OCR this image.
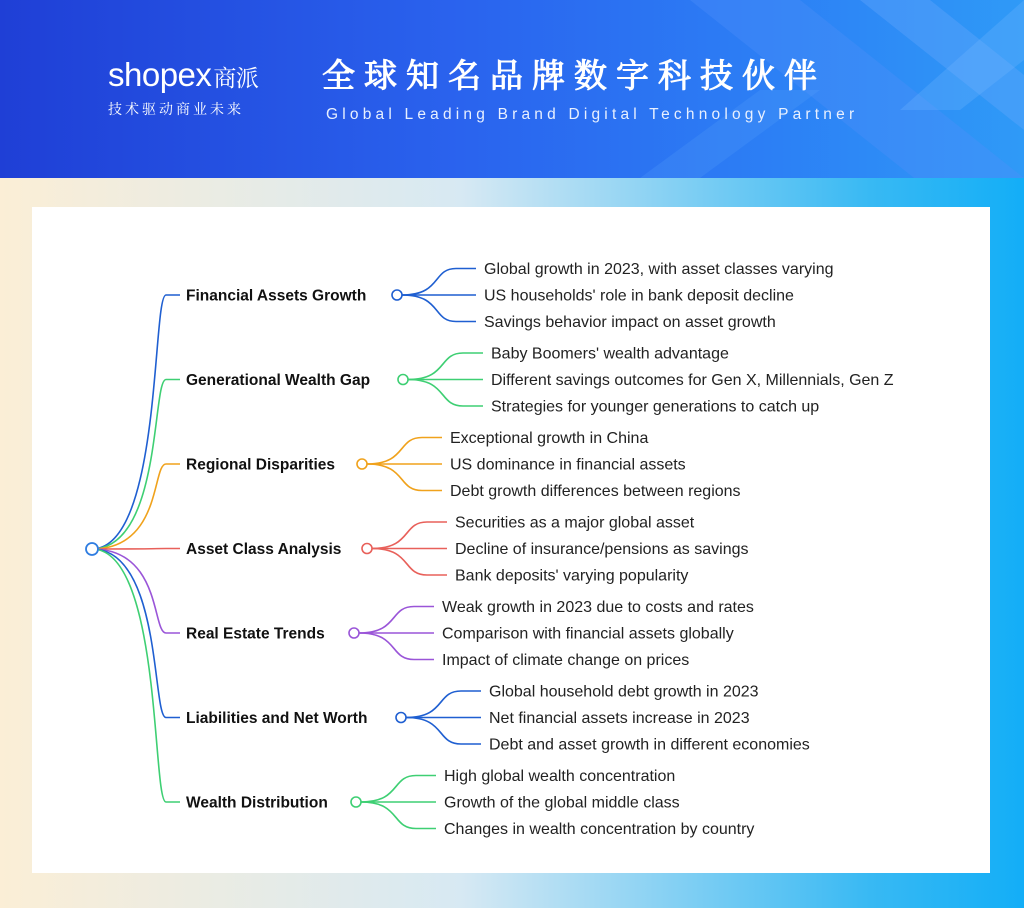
shopex商派
技术驱动商业未来
全球知名品牌数字科技伙伴
Global Leading Brand Digital Technology Partner
Financial Assets Growth
Global growth in 2023, with asset classes varying
US households' role in bank deposit decline
Savings behavior impact on asset growth
Generational Wealth Gap
Baby Boomers' wealth advantage
Different savings outcomes for Gen X, Millennials, Gen Z
Strategies for younger generations to catch up
Regional Disparities
Exceptional growth in China
US dominance in financial assets
Debt growth differences between regions
Asset Class Analysis
Securities as a major global asset
Decline of insurance/pensions as savings
Bank deposits' varying popularity
Real Estate Trends
Weak growth in 2023 due to costs and rates
Comparison with financial assets globally
Impact of climate change on prices
Liabilities and Net Worth
Global household debt growth in 2023
Net financial assets increase in 2023
Debt and asset growth in different economies
Wealth Distribution
High global wealth concentration
Growth of the global middle class
Changes in wealth concentration by country
